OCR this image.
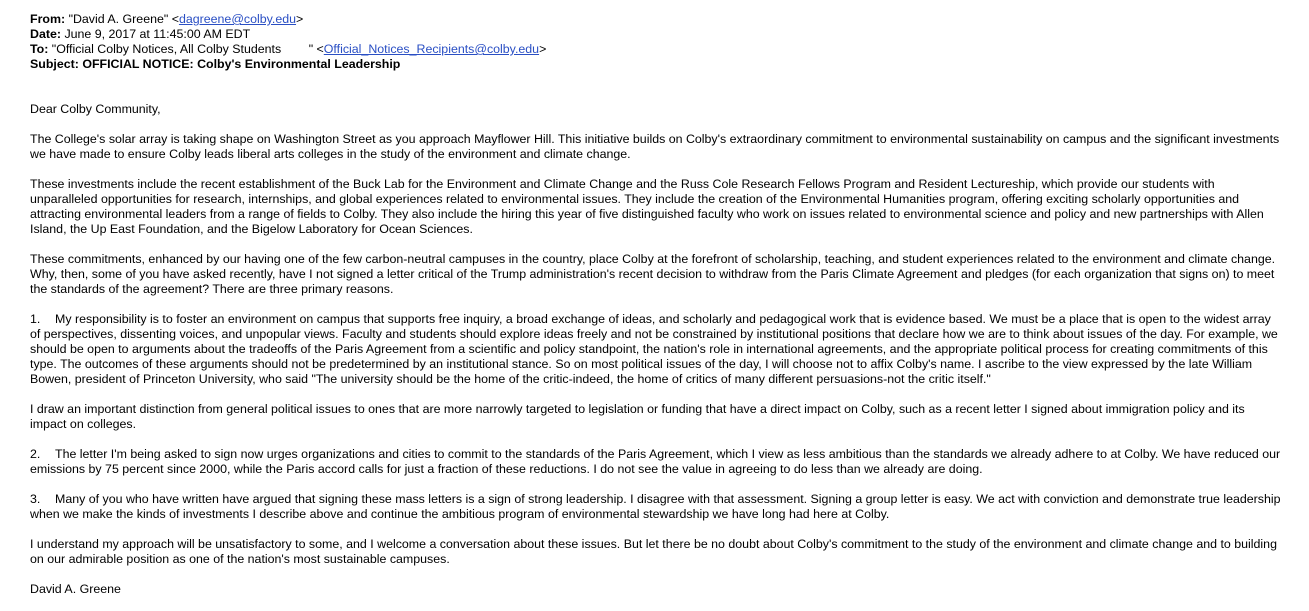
From: "David A. Greene" <dagreene@colby.edu>
Date: June 9, 2017 at 11:45:00 AM EDT
To: "Official Colby Notices, All Colby Students        " <Official_Notices_Recipients@colby.edu>
Subject: OFFICIAL NOTICE: Colby's Environmental Leadership

Dear Colby Community,

The College's solar array is taking shape on Washington Street as you approach Mayflower Hill. This initiative builds on Colby's extraordinary commitment to environmental sustainability on campus and the significant investments we have made to ensure Colby leads liberal arts colleges in the study of the environment and climate change.

These investments include the recent establishment of the Buck Lab for the Environment and Climate Change and the Russ Cole Research Fellows Program and Resident Lectureship, which provide our students with unparalleled opportunities for research, internships, and global experiences related to environmental issues. They include the creation of the Environmental Humanities program, offering exciting scholarly opportunities and attracting environmental leaders from a range of fields to Colby. They also include the hiring this year of five distinguished faculty who work on issues related to environmental science and policy and new partnerships with Allen Island, the Up East Foundation, and the Bigelow Laboratory for Ocean Sciences.

These commitments, enhanced by our having one of the few carbon-neutral campuses in the country, place Colby at the forefront of scholarship, teaching, and student experiences related to the environment and climate change. Why, then, some of you have asked recently, have I not signed a letter critical of the Trump administration's recent decision to withdraw from the Paris Climate Agreement and pledges (for each organization that signs on) to meet the standards of the agreement? There are three primary reasons.

1. My responsibility is to foster an environment on campus that supports free inquiry, a broad exchange of ideas, and scholarly and pedagogical work that is evidence based. We must be a place that is open to the widest array of perspectives, dissenting voices, and unpopular views. Faculty and students should explore ideas freely and not be constrained by institutional positions that declare how we are to think about issues of the day. For example, we should be open to arguments about the tradeoffs of the Paris Agreement from a scientific and policy standpoint, the nation's role in international agreements, and the appropriate political process for creating commitments of this type. The outcomes of these arguments should not be predetermined by an institutional stance. So on most political issues of the day, I will choose not to affix Colby's name. I ascribe to the view expressed by the late William Bowen, president of Princeton University, who said "The university should be the home of the critic-indeed, the home of critics of many different persuasions-not the critic itself."

I draw an important distinction from general political issues to ones that are more narrowly targeted to legislation or funding that have a direct impact on Colby, such as a recent letter I signed about immigration policy and its impact on colleges.

2. The letter I'm being asked to sign now urges organizations and cities to commit to the standards of the Paris Agreement, which I view as less ambitious than the standards we already adhere to at Colby. We have reduced our emissions by 75 percent since 2000, while the Paris accord calls for just a fraction of these reductions. I do not see the value in agreeing to do less than we already are doing.

3. Many of you who have written have argued that signing these mass letters is a sign of strong leadership. I disagree with that assessment. Signing a group letter is easy. We act with conviction and demonstrate true leadership when we make the kinds of investments I describe above and continue the ambitious program of environmental stewardship we have long had here at Colby.

I understand my approach will be unsatisfactory to some, and I welcome a conversation about these issues. But let there be no doubt about Colby's commitment to the study of the environment and climate change and to building on our admirable position as one of the nation's most sustainable campuses.

David A. Greene
